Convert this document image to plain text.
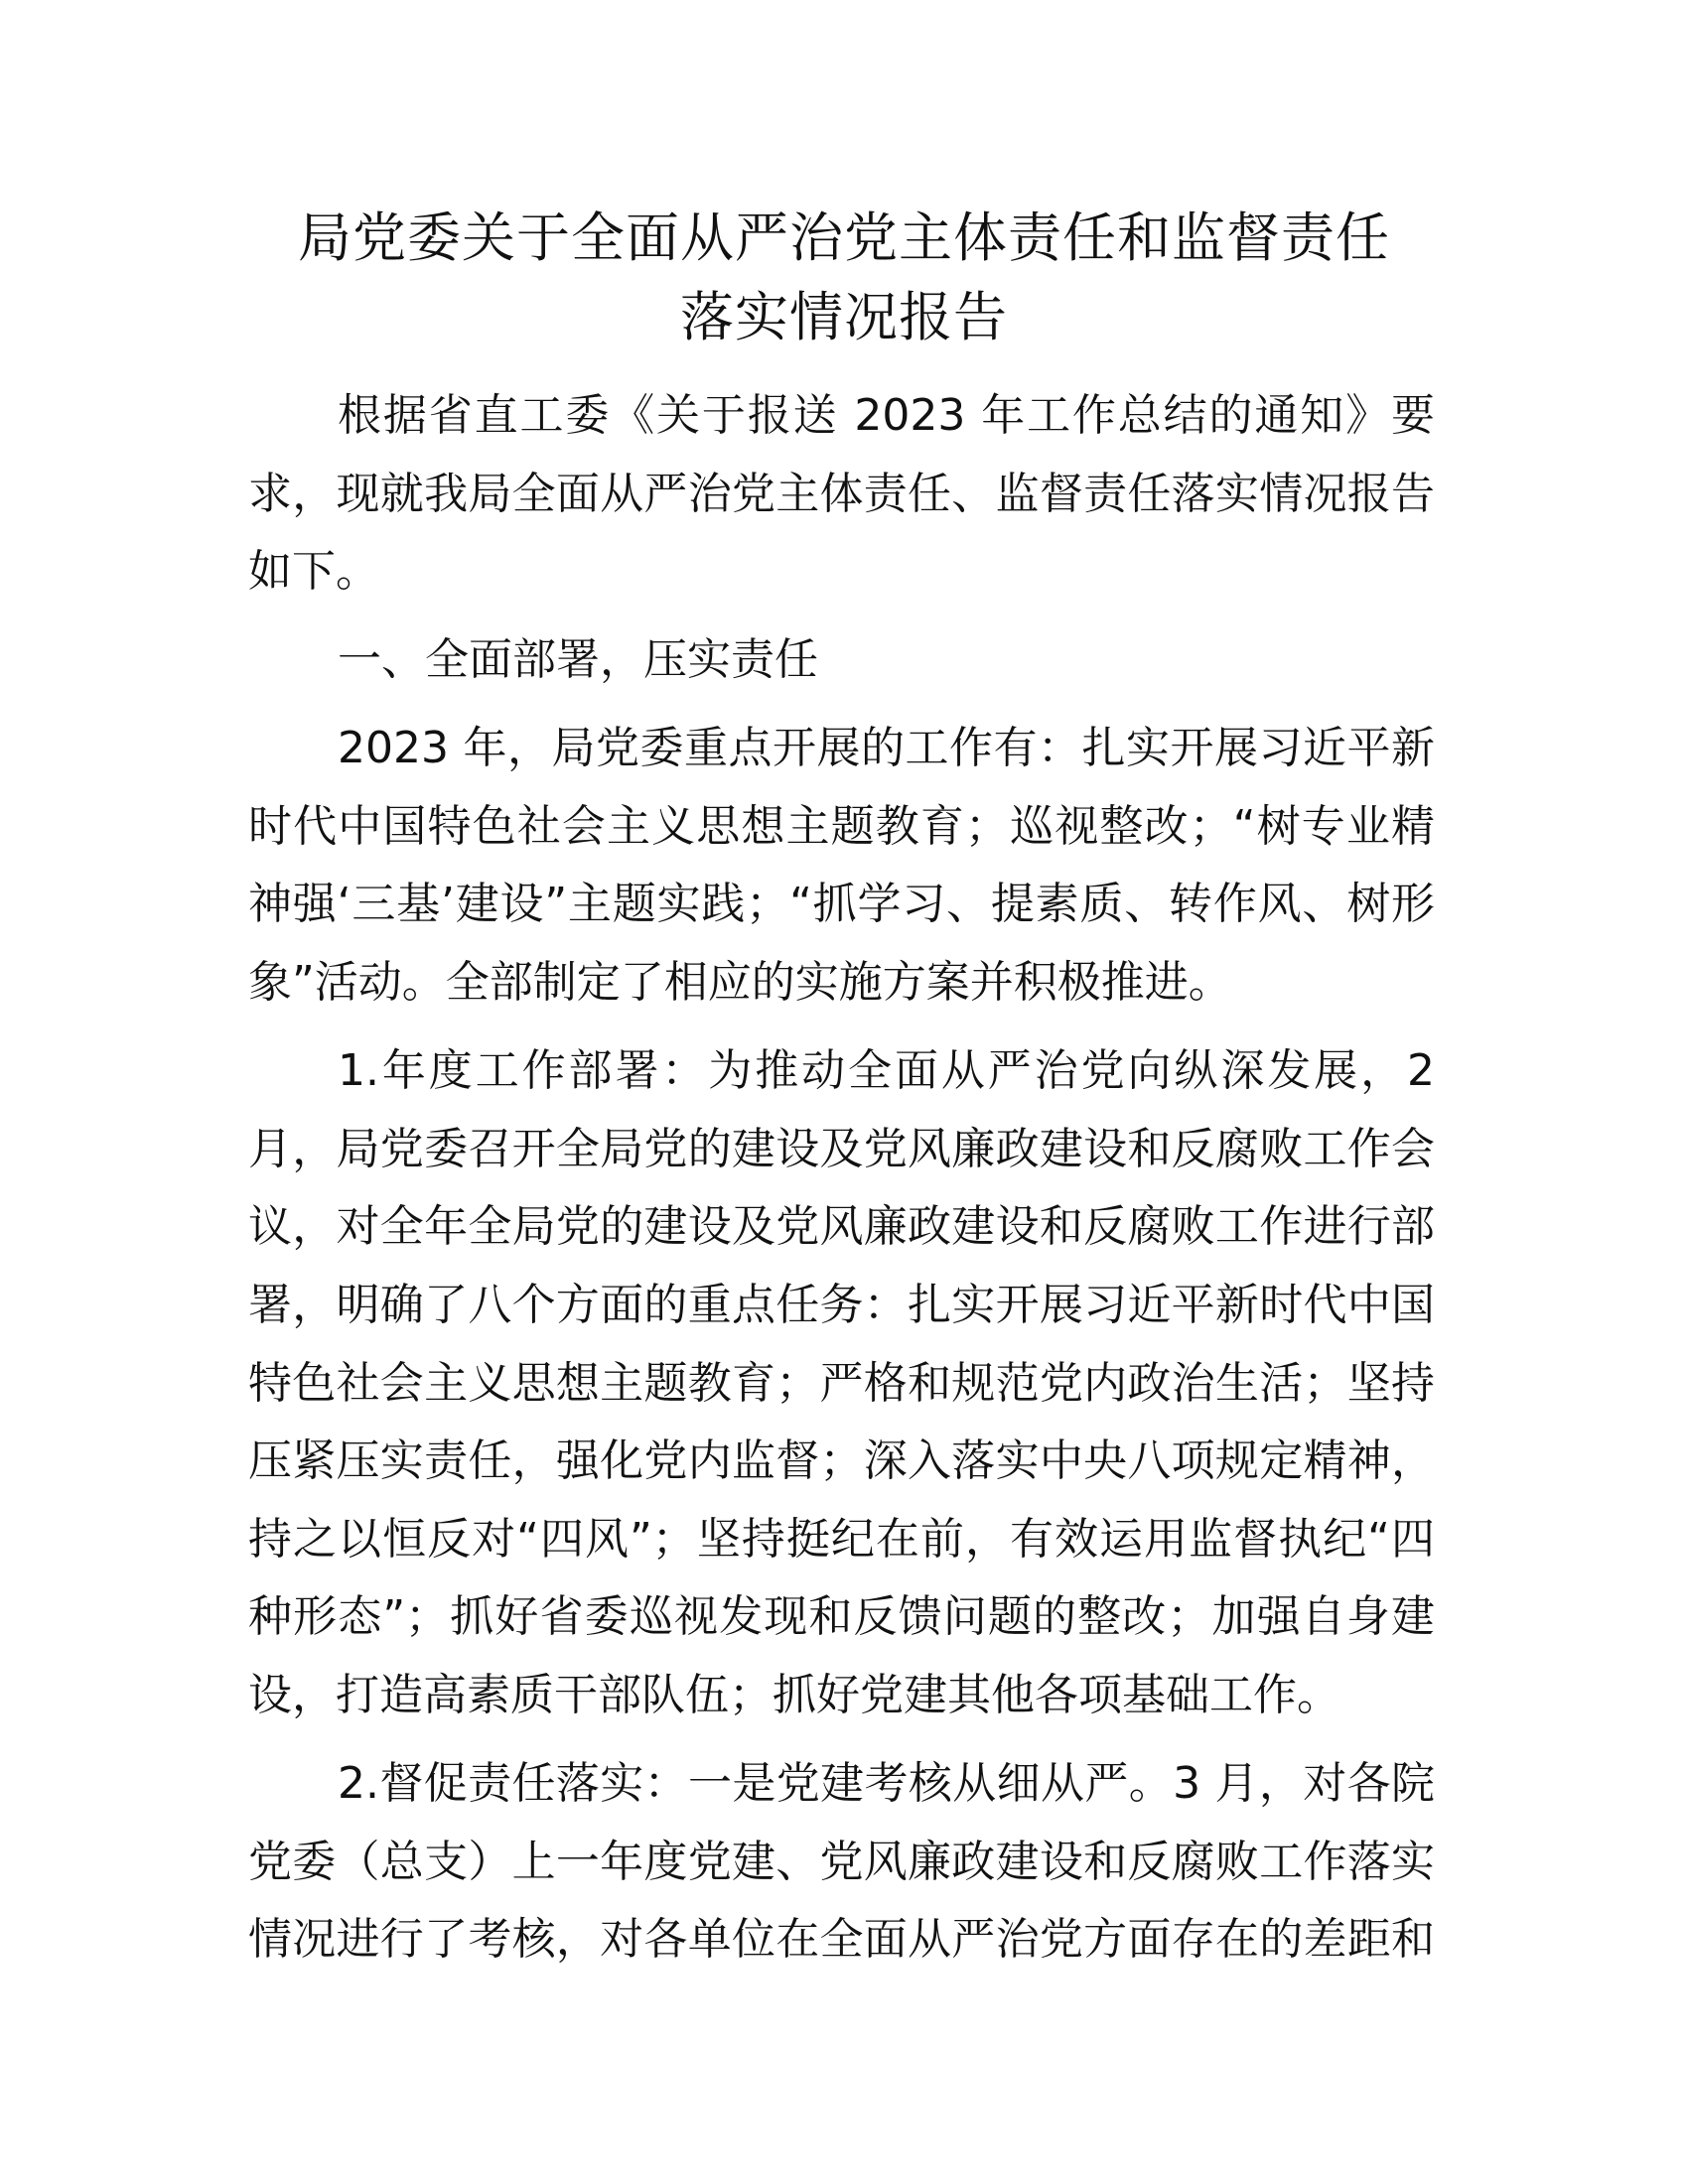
局党委关于全面从严治党主体责任和监督责任
落实情况报告

根据省直工委《关于报送 2023 年工作总结的通知》要

求，现就我局全面从严治党主体责任、监督责任落实情况报告

如下。

一、全面部署，压实责任

2023 年，局党委重点开展的工作有：扎实开展习近平新

时代中国特色社会主义思想主题教育；巡视整改；“树专业精

神强‘三基’建设”主题实践；“抓学习、提素质、转作风、树形

象”活动。全部制定了相应的实施方案并积极推进。

1.年度工作部署：为推动全面从严治党向纵深发展，2

月，局党委召开全局党的建设及党风廉政建设和反腐败工作会

议，对全年全局党的建设及党风廉政建设和反腐败工作进行部

署，明确了八个方面的重点任务：扎实开展习近平新时代中国

特色社会主义思想主题教育；严格和规范党内政治生活；坚持

压紧压实责任，强化党内监督；深入落实中央八项规定精神，

持之以恒反对“四风”；坚持挺纪在前，有效运用监督执纪“四

种形态”；抓好省委巡视发现和反馈问题的整改；加强自身建

设，打造高素质干部队伍；抓好党建其他各项基础工作。

2.督促责任落实：一是党建考核从细从严。3 月，对各院

党委（总支）上一年度党建、党风廉政建设和反腐败工作落实

情况进行了考核，对各单位在全面从严治党方面存在的差距和
